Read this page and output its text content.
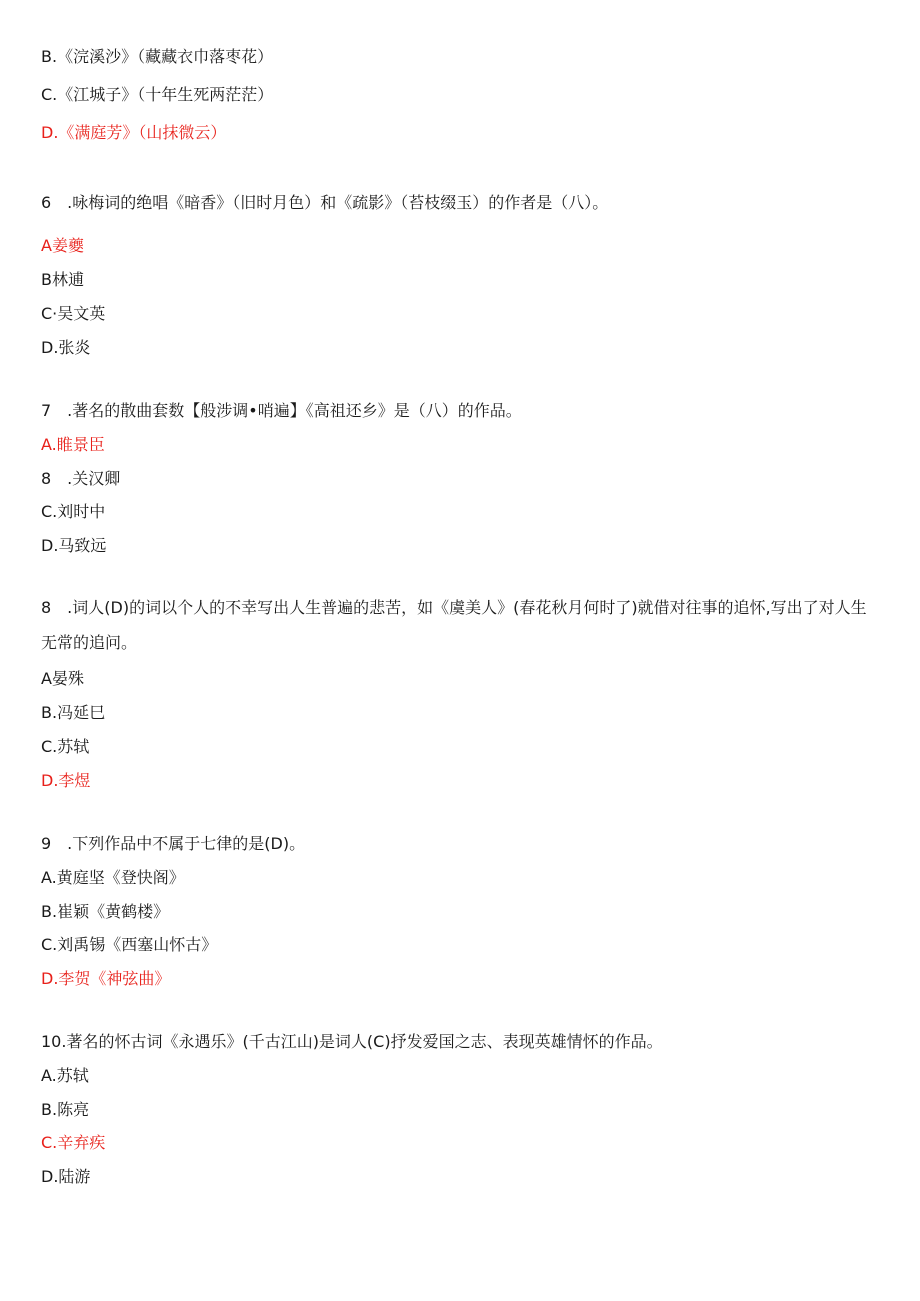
B.《浣溪沙》（藏藏衣巾落枣花）
C.《江城子》（十年生死两茫茫）
D.《满庭芳》（山抹微云）
6　.咏梅词的绝唱《暗香》（旧时月色）和《疏影》（苔枝缀玉）的作者是（八）。
A姜夔
B林逋
C·吴文英
D.张炎
7　.著名的散曲套数【般涉调•哨遍】《高祖还乡》是（八）的作品。
A.睢景臣
8　.关汉卿
C.刘时中
D.马致远
8　.词人(D)的词以个人的不幸写出人生普遍的悲苦，如《虞美人》(春花秋月何时了)就借对往事的追怀,写出了对人生无常的追问。
A晏殊
B.冯延巳
C.苏轼
D.李煜
9　.下列作品中不属于七律的是(D)。
A.黄庭坚《登快阁》
B.崔颖《黄鹤楼》
C.刘禹锡《西塞山怀古》
D.李贺《神弦曲》
10.著名的怀古词《永遇乐》(千古江山)是词人(C)抒发爱国之志、表现英雄情怀的作品。
A.苏轼
B.陈亮
C.辛弃疾
D.陆游
